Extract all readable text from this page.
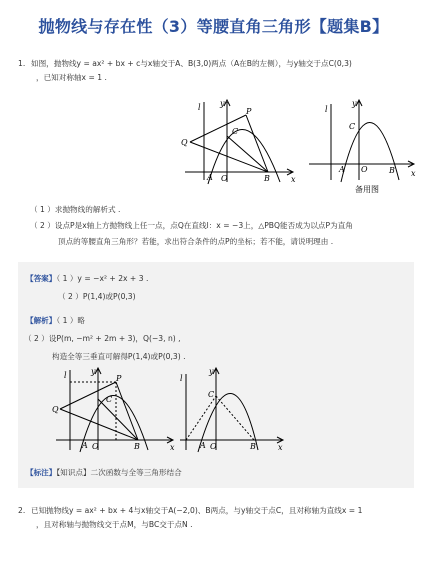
抛物线与存在性（3）等腰直角三角形【题集B】
1. 如图，抛物线y = ax² + bx + c与x轴交于A、B(3,0)两点（A在B的左侧），与y轴交于点C(0,3)
，已知对称轴x = 1 .
l y
P
C
Q
A O	B	x
l
y
C
A O	B x
备用图
（ 1 ）求抛物线的解析式 .
（ 2 ）设点P是x轴上方抛物线上任一点，点Q在直线l：x = −3上，△PBQ能否成为以点P为直角
顶点的等腰直角三角形？若能，求出符合条件的点P的坐标；若不能，请说明理由 .
【答案】（ 1 ）y = −x² + 2x + 3 .
（ 2 ）P(1,4)或P(0,3)
【解析】（ 1 ）略
（ 2 ）设P(m, −m² + 2m + 3)，Q(−3, n) ,
构造全等三垂直可解得P(1,4)或P(0,3) .
l	y
P
C
Q
A O	B	x
l
y
C
A O	B	x
【标注】【知识点】二次函数与全等三角形结合
2. 已知抛物线y = ax² + bx + 4与x轴交于A(−2,0)、B两点，与y轴交于点C，且对称轴为直线x = 1
，且对称轴与抛物线交于点M，与BC交于点N .
